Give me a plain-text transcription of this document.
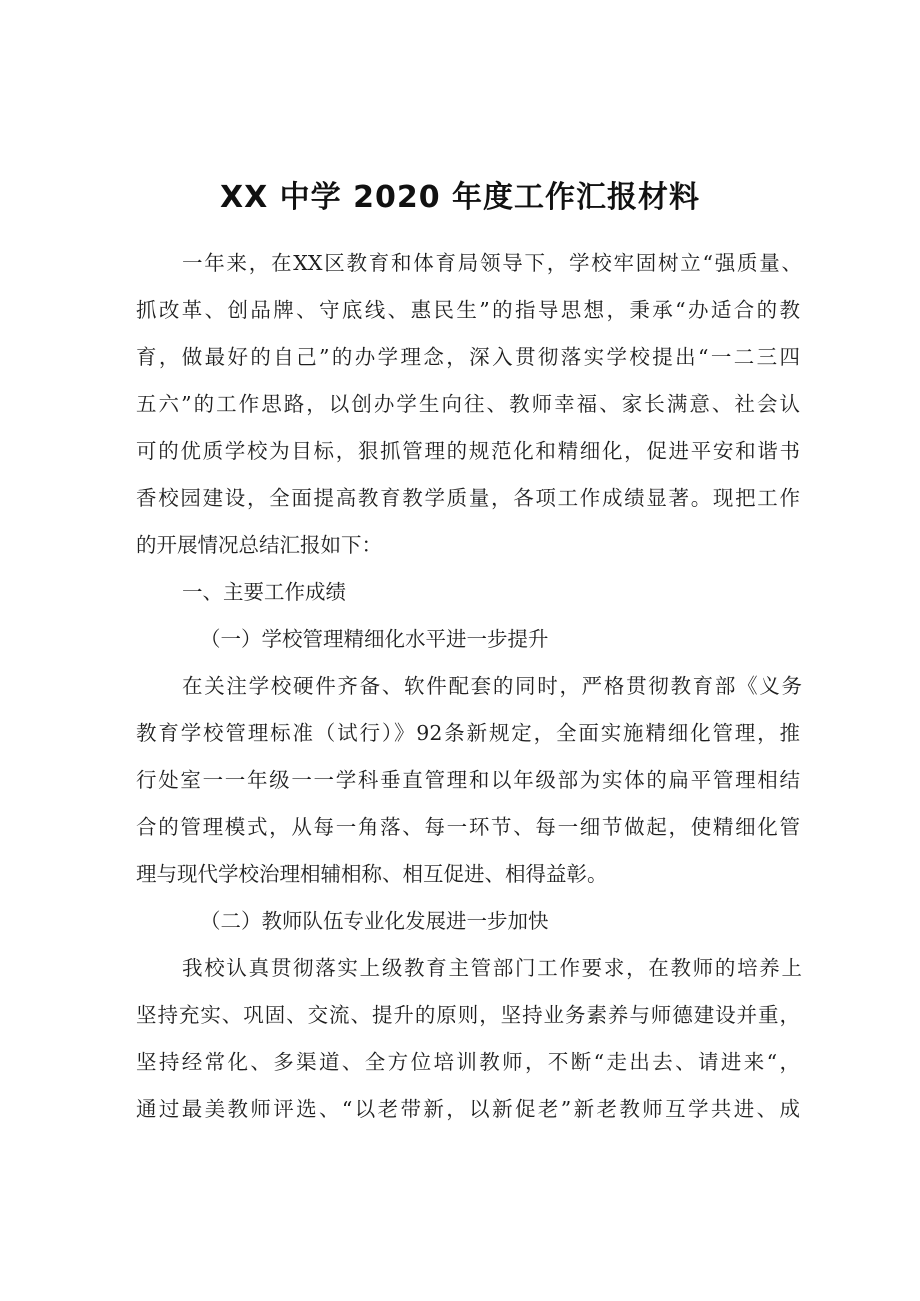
XX 中学 2020 年度工作汇报材料
一年来，在XX区教育和体育局领导下，学校牢固树立“强质量、
抓改革、创品牌、守底线、惠民生”的指导思想，秉承“办适合的教
育，做最好的自己”的办学理念，深入贯彻落实学校提出“一二三四
五六”的工作思路，以创办学生向往、教师幸福、家长满意、社会认
可的优质学校为目标，狠抓管理的规范化和精细化，促进平安和谐书
香校园建设，全面提高教育教学质量，各项工作成绩显著。现把工作
的开展情况总结汇报如下：
一、主要工作成绩
（一）学校管理精细化水平进一步提升
在关注学校硬件齐备、软件配套的同时，严格贯彻教育部《义务
教育学校管理标准（试行）》92条新规定，全面实施精细化管理，推
行处室一一年级一一学科垂直管理和以年级部为实体的扁平管理相结
合的管理模式，从每一角落、每一环节、每一细节做起，使精细化管
理与现代学校治理相辅相称、相互促进、相得益彰。
（二）教师队伍专业化发展进一步加快
我校认真贯彻落实上级教育主管部门工作要求，在教师的培养上
坚持充实、巩固、交流、提升的原则，坚持业务素养与师德建设并重，
坚持经常化、多渠道、全方位培训教师，不断“走出去、请进来“，
通过最美教师评选、“以老带新，以新促老”新老教师互学共进、成
